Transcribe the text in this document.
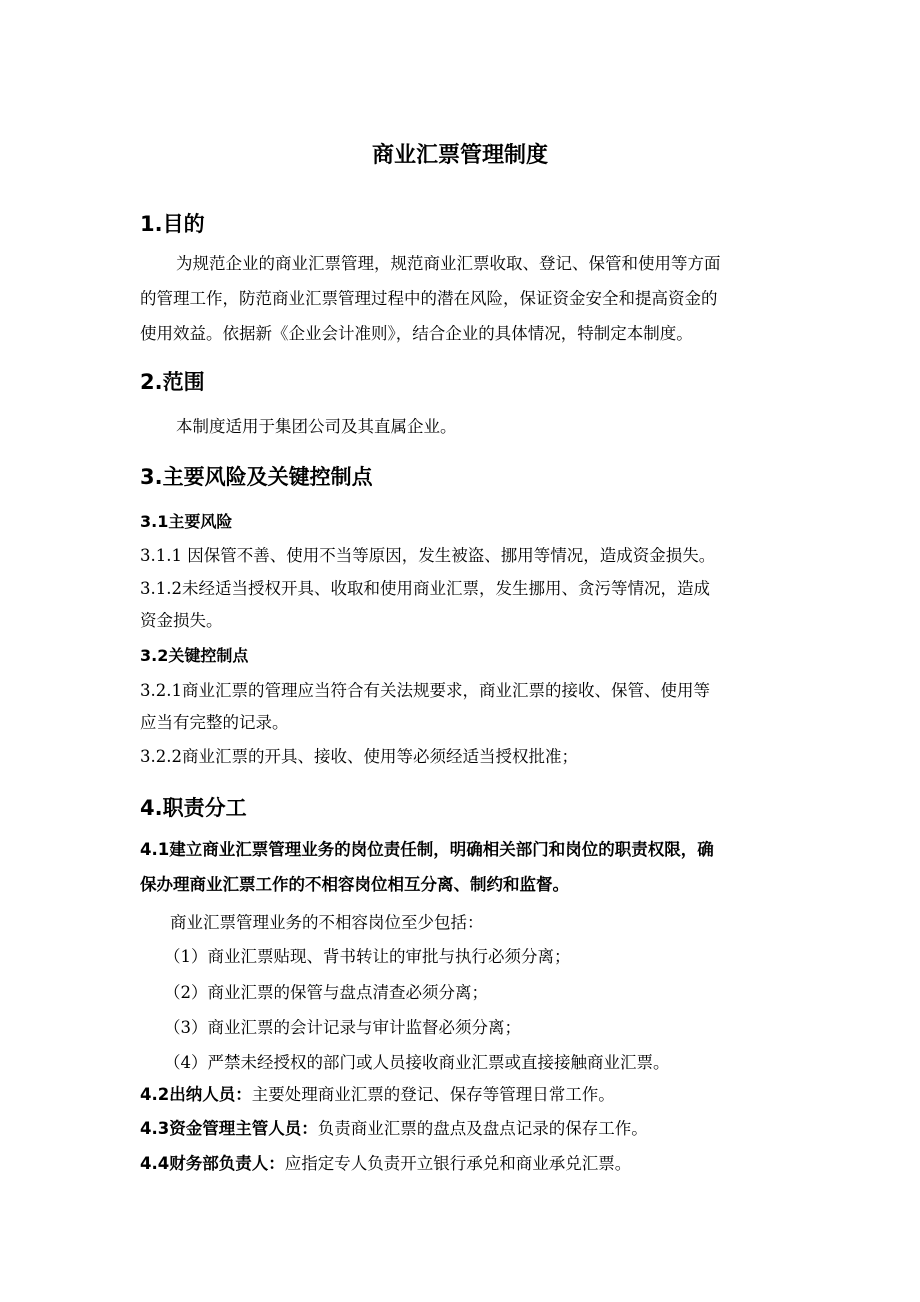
商业汇票管理制度
1.目的
为规范企业的商业汇票管理，规范商业汇票收取、登记、保管和使用等方面
的管理工作，防范商业汇票管理过程中的潜在风险，保证资金安全和提高资金的
使用效益。依据新《企业会计准则》，结合企业的具体情况，特制定本制度。
2.范围
本制度适用于集团公司及其直属企业。
3.主要风险及关键控制点
3.1主要风险
3.1.1 因保管不善、使用不当等原因，发生被盗、挪用等情况，造成资金损失。
3.1.2未经适当授权开具、收取和使用商业汇票，发生挪用、贪污等情况，造成
资金损失。
3.2关键控制点
3.2.1商业汇票的管理应当符合有关法规要求，商业汇票的接收、保管、使用等
应当有完整的记录。
3.2.2商业汇票的开具、接收、使用等必须经适当授权批准；
4.职责分工
4.1建立商业汇票管理业务的岗位责任制，明确相关部门和岗位的职责权限，确
保办理商业汇票工作的不相容岗位相互分离、制约和监督。
商业汇票管理业务的不相容岗位至少包括：
（1）商业汇票贴现、背书转让的审批与执行必须分离；
（2）商业汇票的保管与盘点清查必须分离；
（3）商业汇票的会计记录与审计监督必须分离；
（4）严禁未经授权的部门或人员接收商业汇票或直接接触商业汇票。
4.2出纳人员：主要处理商业汇票的登记、保存等管理日常工作。
4.3资金管理主管人员：负责商业汇票的盘点及盘点记录的保存工作。
4.4财务部负责人：应指定专人负责开立银行承兑和商业承兑汇票。
